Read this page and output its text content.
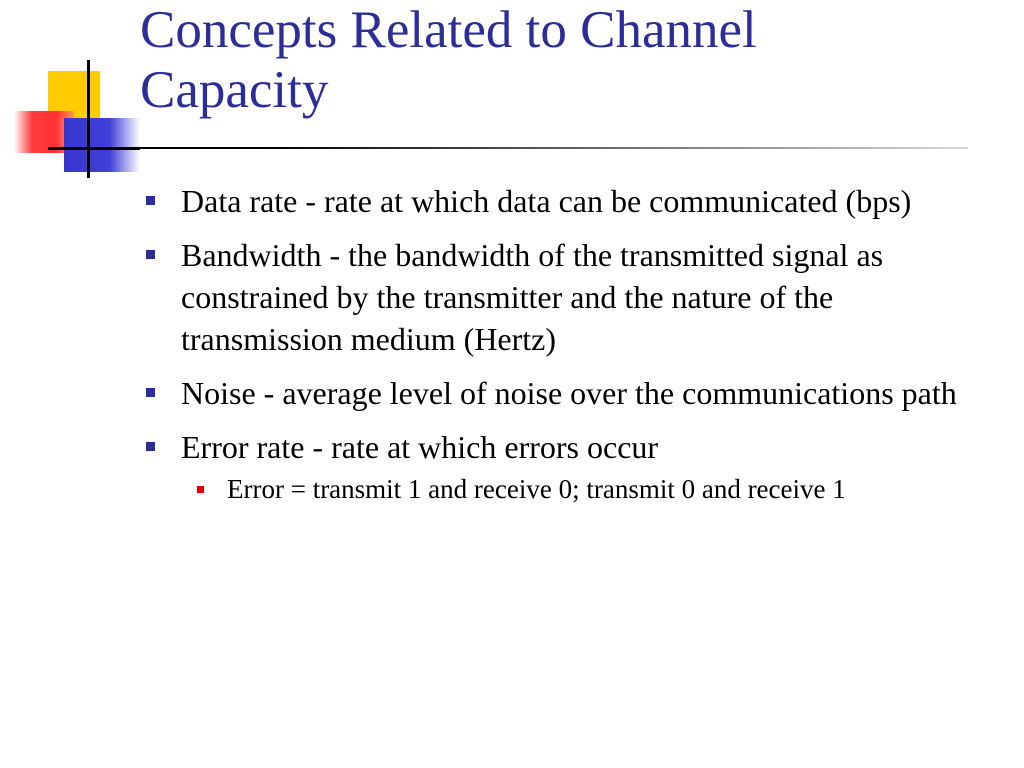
Concepts Related to Channel
Capacity
Data rate - rate at which data can be communicated (bps)
Bandwidth - the bandwidth of the transmitted signal as constrained by the transmitter and the nature of the transmission medium (Hertz)
Noise - average level of noise over the communications path
Error rate - rate at which errors occur
Error = transmit 1 and receive 0; transmit 0 and receive 1
